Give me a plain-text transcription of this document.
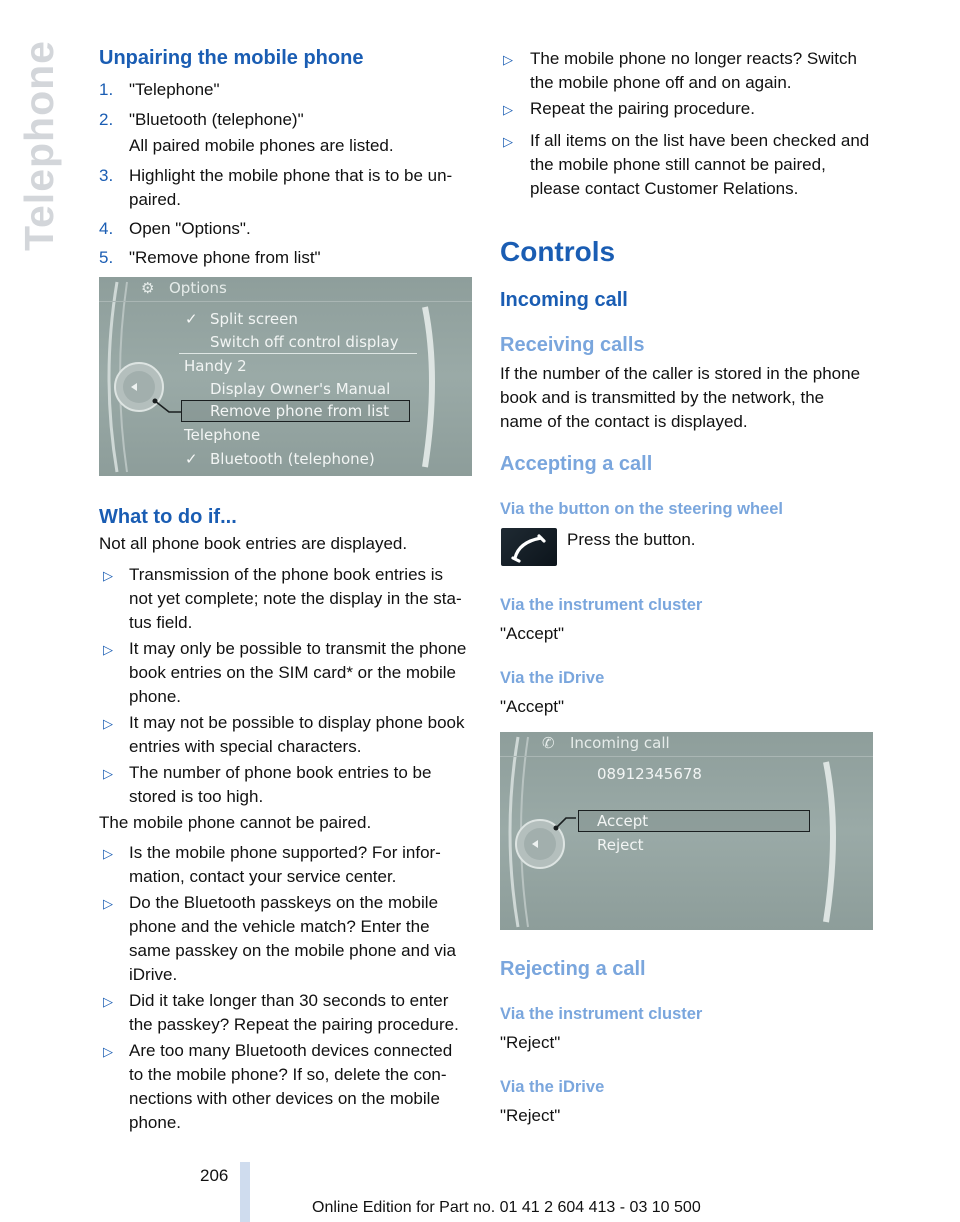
Telephone Unpairing the mobile phone
1. "Telephone"

2. "Bluetooth (telephone)"

All paired mobile phones are listed.

3. Highlight the mobile phone that is to be un-

paired.

4. Open "Options".

5. "Remove phone from list"

⚙ Options
✓ Split screen
Switch off control display
Handy 2
Display Owner's Manual
Remove phone from list
Telephone
✓ Bluetooth (telephone)
What to do if...

Not all phone book entries are displayed.

▷ Transmission of the phone book entries is

not yet complete; note the display in the sta-

tus field.

▷ It may only be possible to transmit the phone

book entries on the SIM card* or the mobile

phone.

▷ It may not be possible to display phone book

entries with special characters.

▷ The number of phone book entries to be

stored is too high.

The mobile phone cannot be paired.

▷ Is the mobile phone supported? For infor-

mation, contact your service center.

▷ Do the Bluetooth passkeys on the mobile

phone and the vehicle match? Enter the

same passkey on the mobile phone and via

iDrive.

▷ Did it take longer than 30 seconds to enter

the passkey? Repeat the pairing procedure.

▷ Are too many Bluetooth devices connected

to the mobile phone? If so, delete the con-

nections with other devices on the mobile

phone.

▷ The mobile phone no longer reacts? Switch

the mobile phone off and on again.

▷ Repeat the pairing procedure.

▷ If all items on the list have been checked and

the mobile phone still cannot be paired,

please contact Customer Relations.

Controls
Incoming call
Receiving calls

If the number of the caller is stored in the phone

book and is transmitted by the network, the

name of the contact is displayed.

Accepting a call
Via the button on the steering wheel

Press the button.

Via the instrument cluster

"Accept"

Via the iDrive

"Accept"

✆ Incoming call
08912345678
Accept
Reject
Rejecting a call
Via the instrument cluster

"Reject"

Via the iDrive

"Reject"

206
Online Edition for Part no. 01 41 2 604 413 - 03 10 500
